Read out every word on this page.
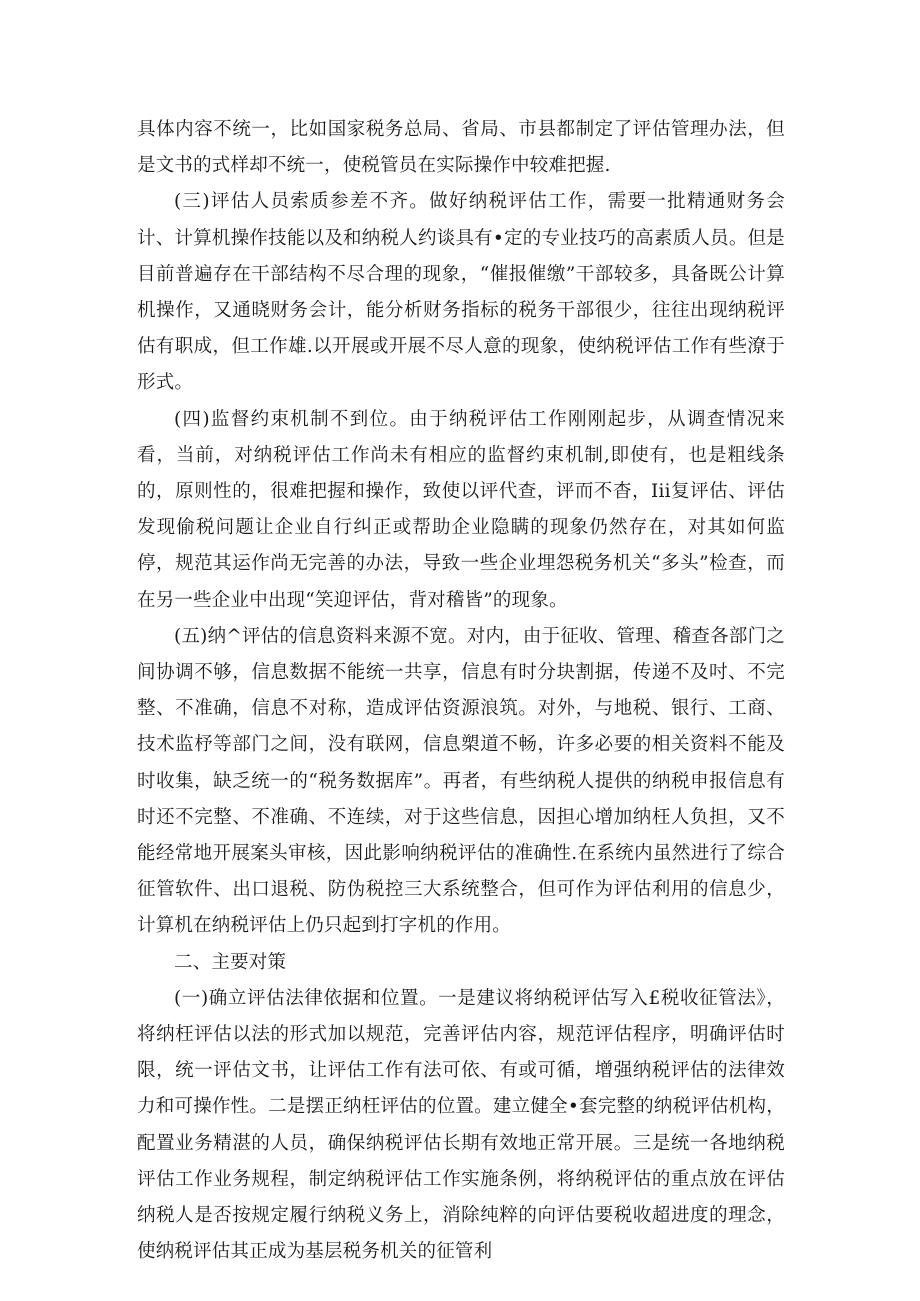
具体内容不统一，比如国家税务总局、省局、市县都制定了评估管理办法，但是文书的式样却不统一，使税管员在实际操作中较难把握.

(三)评估人员索质参差不齐。做好纳税评估工作，需要一批精通财务会计、计算机操作技能以及和纳税人约谈具有•定的专业技巧的高素质人员。但是目前普遍存在干部结构不尽合理的现象，“催报催缴”干部较多，具备既公计算机操作，又通晓财务会计，能分析财务指标的税务干部很少，往往出现纳税评估有职成，但工作雄.以开展或开展不尽人意的现象，使纳税评估工作有些潦于形式。

(四)监督约束机制不到位。由于纳税评估工作刚刚起步，从调查情况来看，当前，对纳税评估工作尚未有相应的监督约束机制,即使有，也是粗线条的，原则性的，很难把握和操作，致使以评代查，评而不杳，Iii复评估、评估发现偷税问题让企业自行纠正或帮助企业隐瞒的现象仍然存在，对其如何监停，规范其运作尚无完善的办法，导致一些企业埋怨税务机关“多头”检查，而在另一些企业中出现“笑迎评估，背对稽皆”的现象。

(五)纳^评估的信息资料来源不宽。对内，由于征收、管理、稽查各部门之间协调不够，信息数据不能统一共享，信息有时分块割据，传递不及吋、不完整、不准确，信息不对称，造成评估资源浪筑。对外，与地税、银行、工商、技术监杼等部门之间，没有联网，信息槊道不畅，许多必要的相关资料不能及时收集，缺乏统一的“税务数据库”。再者，有些纳税人提供的纳税申报信息有时还不完整、不准确、不连续，对于这些信息，因担心增加纳枉人负担，又不能经常地开展案头审核，因此影响纳税评估的准确性.在系统内虽然进行了综合征管软件、出口退税、防伪税控三大系统整合，但可作为评估利用的信息少，计算机在纳税评估上仍只起到打字机的作用。

二、主要对策

(一)确立评估法律依据和位置。一是建议将纳税评估写入£税收征管法》，将纳枉评估以法的形式加以规范，完善评估内容，规范评估程序，明确评估时限，统一评估文书，让评估工作有法可依、有或可循，增强纳税评估的法律效力和可操作性。二是摆正纳枉评估的位置。建立健全•套完整的纳税评估机构，配置业务精湛的人员，确保纳税评估长期有效地正常开展。三是统一各地纳税评估工作业务规程，制定纳税评估工作实施条例，将纳税评估的重点放在评估纳税人是否按规定履行纳税义务上，消除纯粹的向评估要税收超进度的理念，使纳税评估其正成为基层税务机关的征管利
